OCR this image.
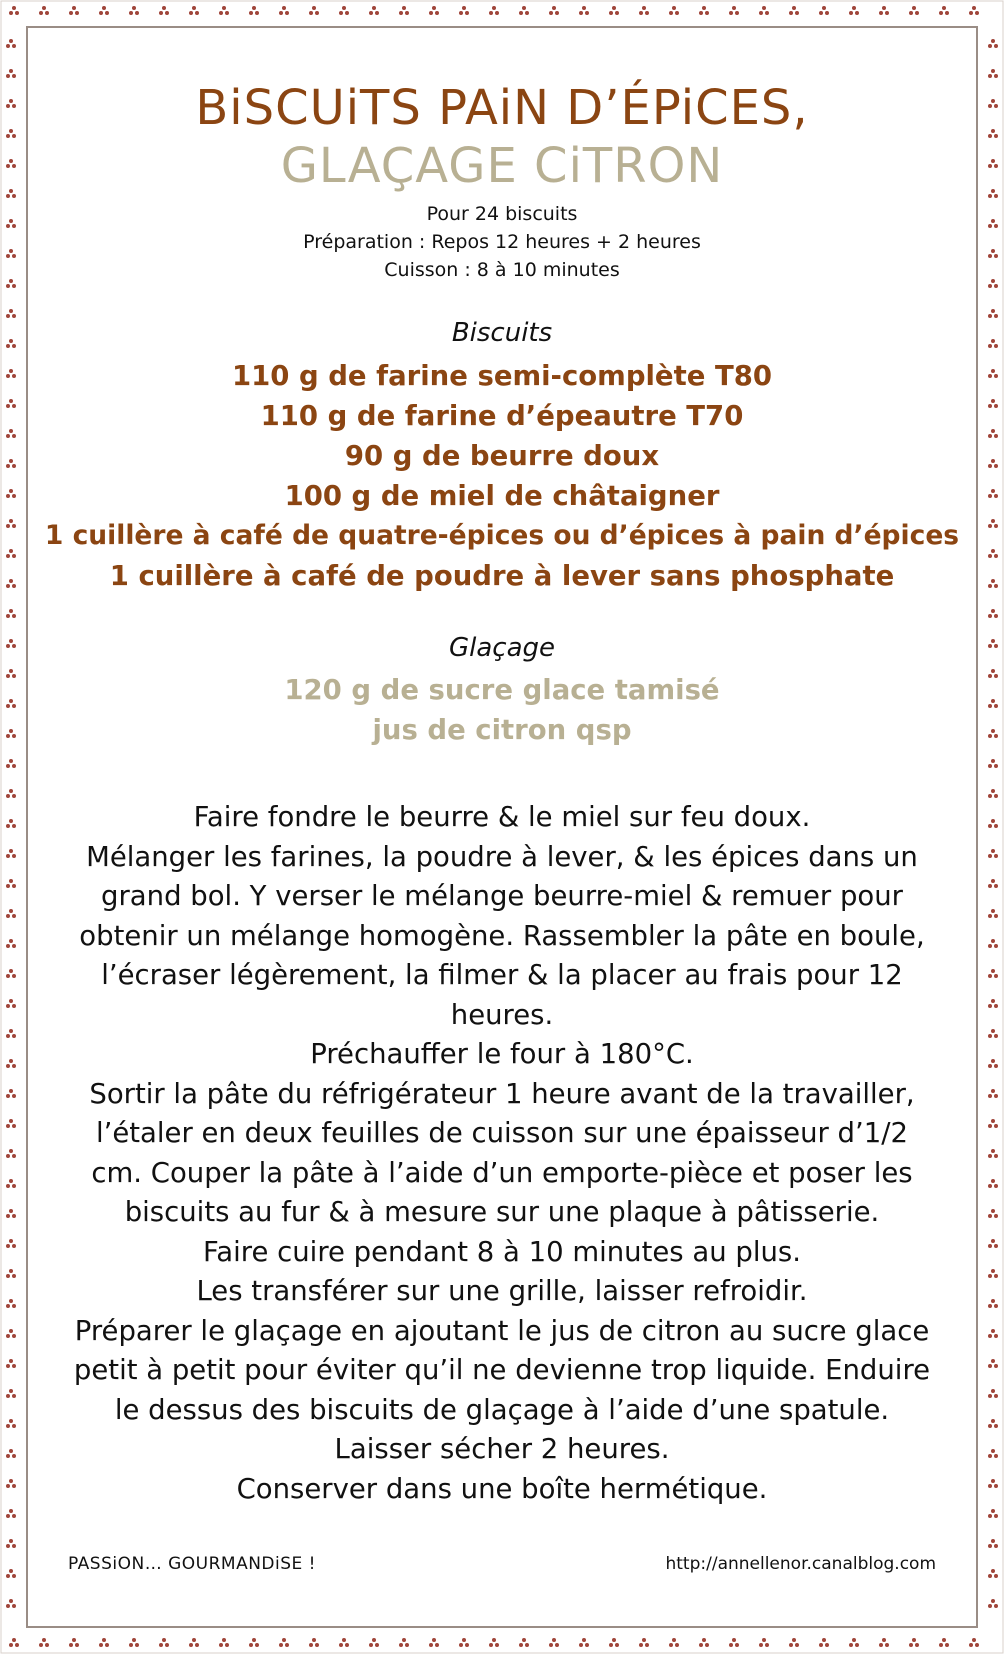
BiSCUiTS PAiN D’ÉPiCES,
GLAÇAGE CiTRON
Pour 24 biscuits
Préparation : Repos 12 heures + 2 heures
Cuisson : 8 à 10 minutes
Biscuits
110 g de farine semi-complète T80
110 g de farine d’épeautre T70
90 g de beurre doux
100 g de miel de châtaigner
1 cuillère à café de quatre-épices ou d’épices à pain d’épices
1 cuillère à café de poudre à lever sans phosphate
Glaçage
120 g de sucre glace tamisé
jus de citron qsp
Faire fondre le beurre & le miel sur feu doux.
Mélanger les farines, la poudre à lever, & les épices dans un grand bol. Y verser le mélange beurre-miel & remuer pour obtenir un mélange homogène. Rassembler la pâte en boule, l’écraser légèrement, la filmer & la placer au frais pour 12 heures.
Préchauffer le four à 180°C.
Sortir la pâte du réfrigérateur 1 heure avant de la travailler, l’étaler en deux feuilles de cuisson sur une épaisseur d’1/2 cm. Couper la pâte à l’aide d’un emporte-pièce et poser les biscuits au fur & à mesure sur une plaque à pâtisserie.
Faire cuire pendant 8 à 10 minutes au plus.
Les transférer sur une grille, laisser refroidir.
Préparer le glaçage en ajoutant le jus de citron au sucre glace petit à petit pour éviter qu’il ne devienne trop liquide. Enduire le dessus des biscuits de glaçage à l’aide d’une spatule. Laisser sécher 2 heures.
Conserver dans une boîte hermétique.
PASSiON… GOURMANDiSE !	http://annellenor.canalblog.com
